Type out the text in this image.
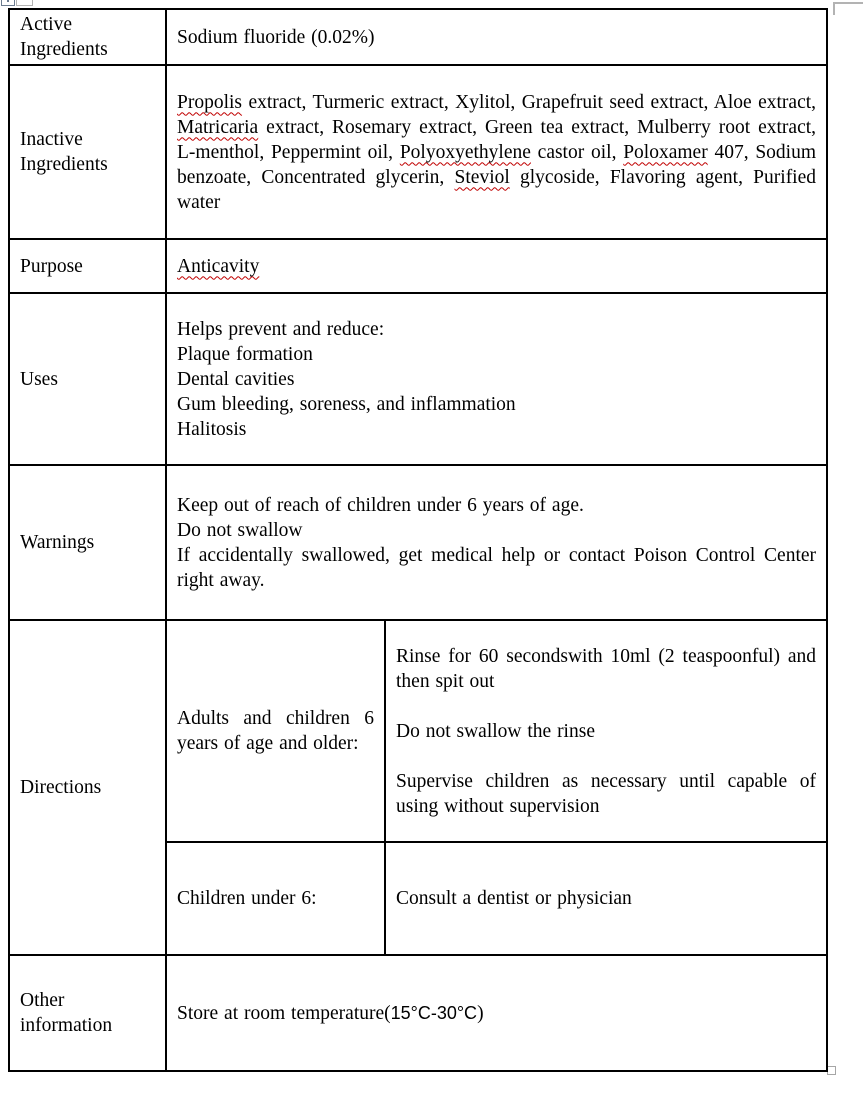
Active Ingredients	Sodium fluoride (0.02%)	
Inactive Ingredients	Propolis extract, Turmeric extract, Xylitol, Grapefruit seed extract, Aloe extract, Matricaria extract, Rosemary extract, Green tea extract, Mulberry root extract, L-menthol, Peppermint oil, Polyoxyethylene castor oil, Poloxamer 407, Sodium benzoate, Concentrated glycerin, Steviol glycoside, Flavoring agent, Purified water	
Purpose	Anticavity	
Uses	Helps prevent and reduce:
Plaque formation
Dental cavities
Gum bleeding, soreness, and inflammation
Halitosis	

Warnings	Keep out of reach of children under 6 years of age.
Do not swallow
If accidentally swallowed, get medical help or contact Poison Control Center right away.	

Directions	Adults and children 6 years of age and older:	Rinse for 60 secondswith 10ml (2 teaspoonful) and then spit out

Do not swallow the rinse

Supervise children as necessary until capable of using without supervision

	Children under 6:	Consult a dentist or physician
Other information	Store at room temperature(15°C-30°C)	
